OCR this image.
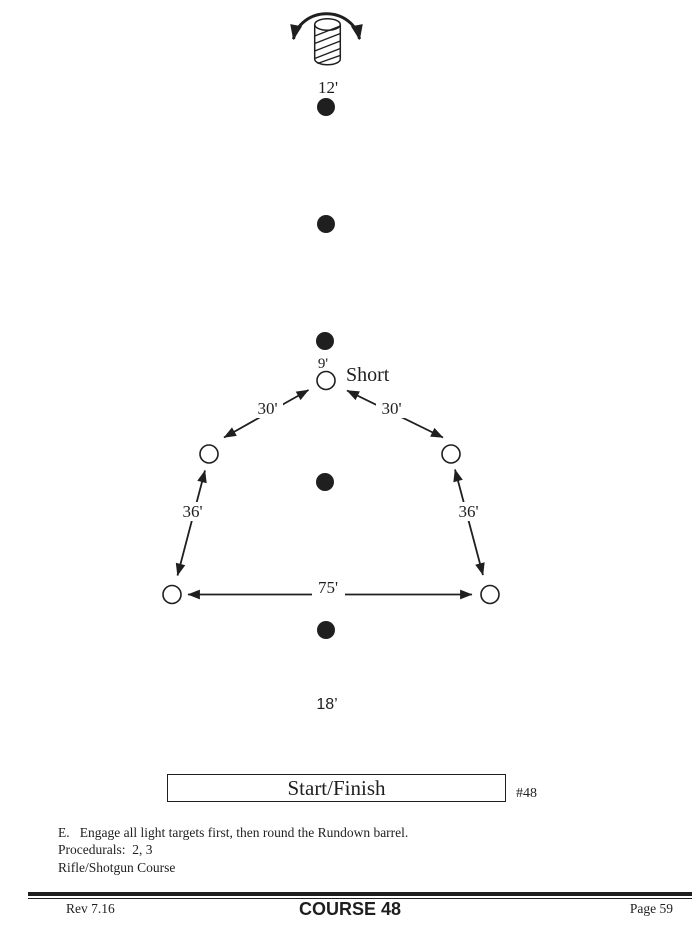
12'
9' Short
30'	30'
36'	36'
75'
18’
Start/Finish	#48
E.   Engage all light targets first, then round the Rundown barrel.
Procedurals:  2, 3
Rifle/Shotgun Course
Rev 7.16	COURSE 48	Page 59
